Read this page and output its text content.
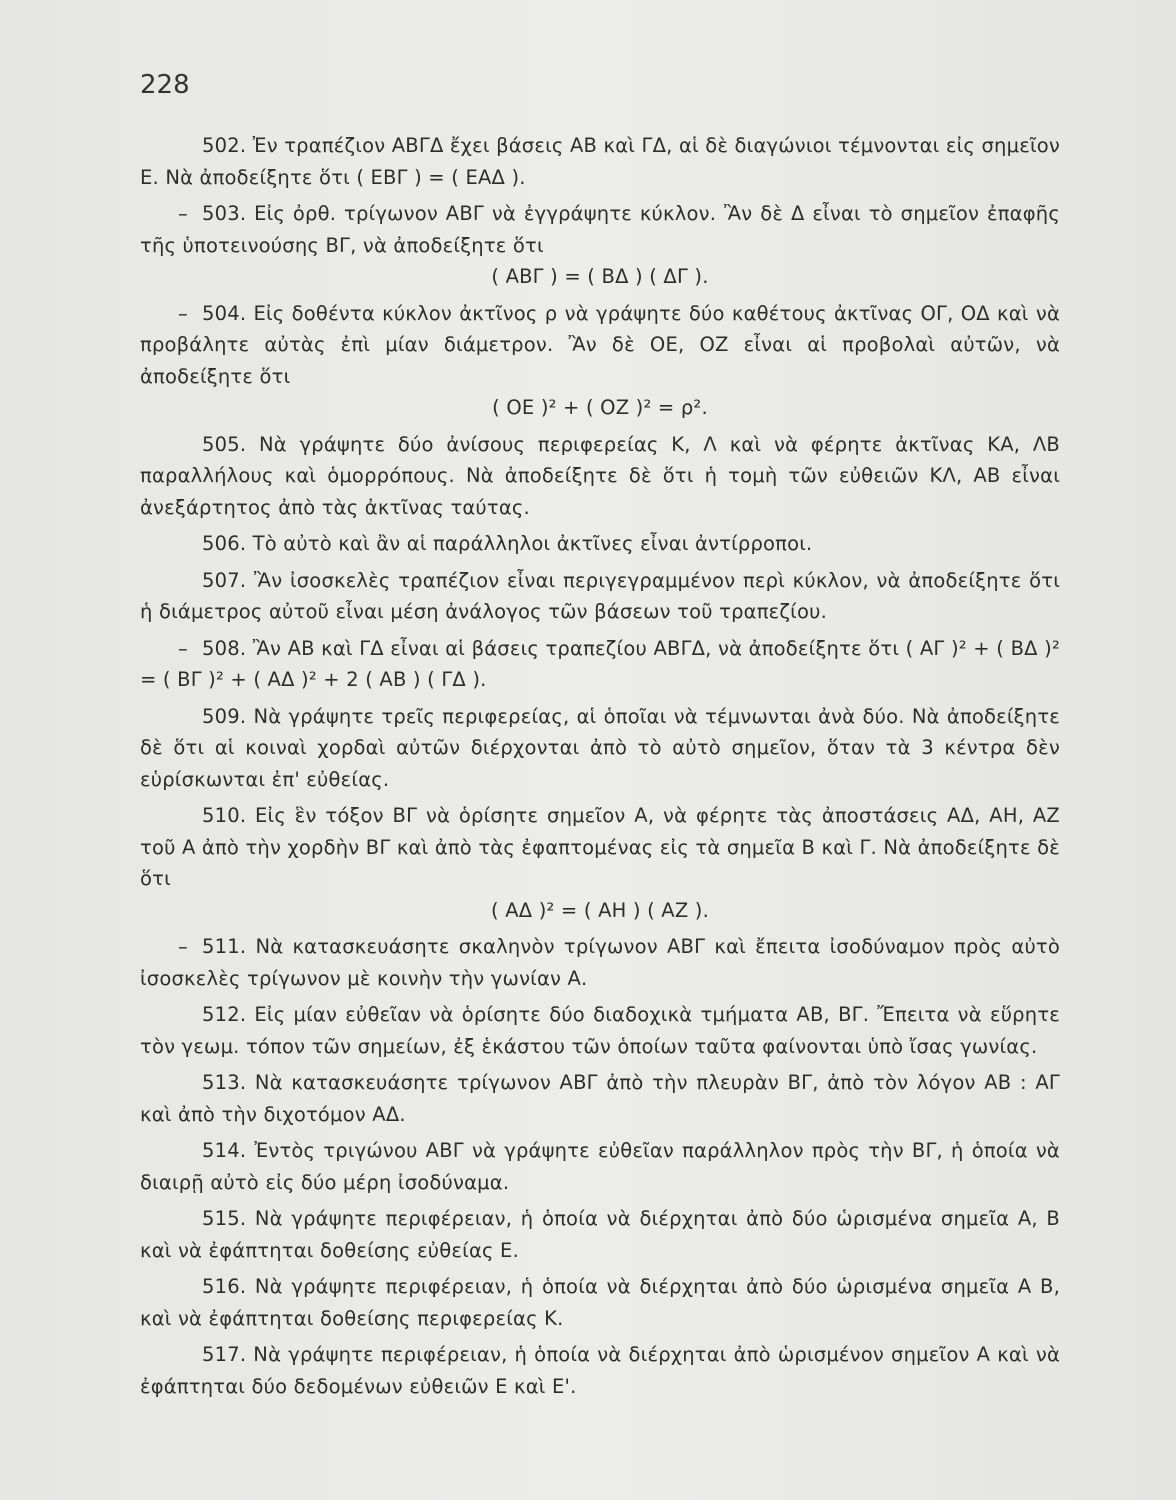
228
502. Ἐν τραπέζιον ΑΒΓΔ ἔχει βάσεις ΑΒ καὶ ΓΔ, αἱ δὲ διαγώνιοι τέμνονται εἰς σημεῖον Ε. Νὰ ἀποδείξητε ὅτι ( ΕΒΓ ) = ( ΕΑΔ ).
– 503. Εἰς ὀρθ. τρίγωνον ΑΒΓ νὰ ἐγγράψητε κύκλον. Ἂν δὲ Δ εἶναι τὸ σημεῖον ἐπαφῆς τῆς ὑποτεινούσης ΒΓ, νὰ ἀποδείξητε ὅτι
( ΑΒΓ ) = ( ΒΔ ) ( ΔΓ ).
– 504. Εἰς δοθέντα κύκλον ἀκτῖνος ρ νὰ γράψητε δύο καθέτους ἀκτῖνας ΟΓ, ΟΔ καὶ νὰ προβάλητε αὐτὰς ἐπὶ μίαν διάμετρον. Ἂν δὲ ΟΕ, ΟΖ εἶναι αἱ προβολαὶ αὐτῶν, νὰ ἀποδείξητε ὅτι
( ΟΕ )² + ( ΟΖ )² = ρ².
505. Νὰ γράψητε δύο ἀνίσους περιφερείας Κ, Λ καὶ νὰ φέρητε ἀκτῖνας ΚΑ, ΛΒ παραλλήλους καὶ ὁμορρόπους. Νὰ ἀποδείξητε δὲ ὅτι ἡ τομὴ τῶν εὐθειῶν ΚΛ, ΑΒ εἶναι ἀνεξάρτητος ἀπὸ τὰς ἀκτῖνας ταύτας.
506. Τὸ αὐτὸ καὶ ἂν αἱ παράλληλοι ἀκτῖνες εἶναι ἀντίρροποι.
507. Ἂν ἰσοσκελὲς τραπέζιον εἶναι περιγεγραμμένον περὶ κύκλον, νὰ ἀποδείξητε ὅτι ἡ διάμετρος αὐτοῦ εἶναι μέση ἀνάλογος τῶν βάσεων τοῦ τραπεζίου.
– 508. Ἂν ΑΒ καὶ ΓΔ εἶναι αἱ βάσεις τραπεζίου ΑΒΓΔ, νὰ ἀποδείξητε ὅτι ( ΑΓ )² + ( ΒΔ )² = ( ΒΓ )² + ( ΑΔ )² + 2 ( ΑΒ ) ( ΓΔ ).
509. Νὰ γράψητε τρεῖς περιφερείας, αἱ ὁποῖαι νὰ τέμνωνται ἀνὰ δύο. Νὰ ἀποδείξητε δὲ ὅτι αἱ κοιναὶ χορδαὶ αὐτῶν διέρχονται ἀπὸ τὸ αὐτὸ σημεῖον, ὅταν τὰ 3 κέντρα δὲν εὑρίσκωνται ἐπ' εὐθείας.
510. Εἰς ἓν τόξον ΒΓ νὰ ὁρίσητε σημεῖον Α, νὰ φέρητε τὰς ἀποστάσεις ΑΔ, ΑΗ, ΑΖ τοῦ Α ἀπὸ τὴν χορδὴν ΒΓ καὶ ἀπὸ τὰς ἐφαπτομένας εἰς τὰ σημεῖα Β καὶ Γ. Νὰ ἀποδείξητε δὲ ὅτι
( ΑΔ )² = ( ΑΗ ) ( ΑΖ ).
– 511. Νὰ κατασκευάσητε σκαληνὸν τρίγωνον ΑΒΓ καὶ ἔπειτα ἰσοδύναμον πρὸς αὐτὸ ἰσοσκελὲς τρίγωνον μὲ κοινὴν τὴν γωνίαν Α.
512. Εἰς μίαν εὐθεῖαν νὰ ὁρίσητε δύο διαδοχικὰ τμήματα ΑΒ, ΒΓ. Ἔπειτα νὰ εὕρητε τὸν γεωμ. τόπον τῶν σημείων, ἐξ ἑκάστου τῶν ὁποίων ταῦτα φαίνονται ὑπὸ ἴσας γωνίας.
513. Νὰ κατασκευάσητε τρίγωνον ΑΒΓ ἀπὸ τὴν πλευρὰν ΒΓ, ἀπὸ τὸν λόγον ΑΒ : ΑΓ καὶ ἀπὸ τὴν διχοτόμον ΑΔ.
514. Ἐντὸς τριγώνου ΑΒΓ νὰ γράψητε εὐθεῖαν παράλληλον πρὸς τὴν ΒΓ, ἡ ὁποία νὰ διαιρῇ αὐτὸ εἰς δύο μέρη ἰσοδύναμα.
515. Νὰ γράψητε περιφέρειαν, ἡ ὁποία νὰ διέρχηται ἀπὸ δύο ὡρισμένα σημεῖα Α, Β καὶ νὰ ἐφάπτηται δοθείσης εὐθείας Ε.
516. Νὰ γράψητε περιφέρειαν, ἡ ὁποία νὰ διέρχηται ἀπὸ δύο ὡρισμένα σημεῖα Α Β, καὶ νὰ ἐφάπτηται δοθείσης περιφερείας Κ.
517. Νὰ γράψητε περιφέρειαν, ἡ ὁποία νὰ διέρχηται ἀπὸ ὡρισμένον σημεῖον Α καὶ νὰ ἐφάπτηται δύο δεδομένων εὐθειῶν Ε καὶ Ε'.
